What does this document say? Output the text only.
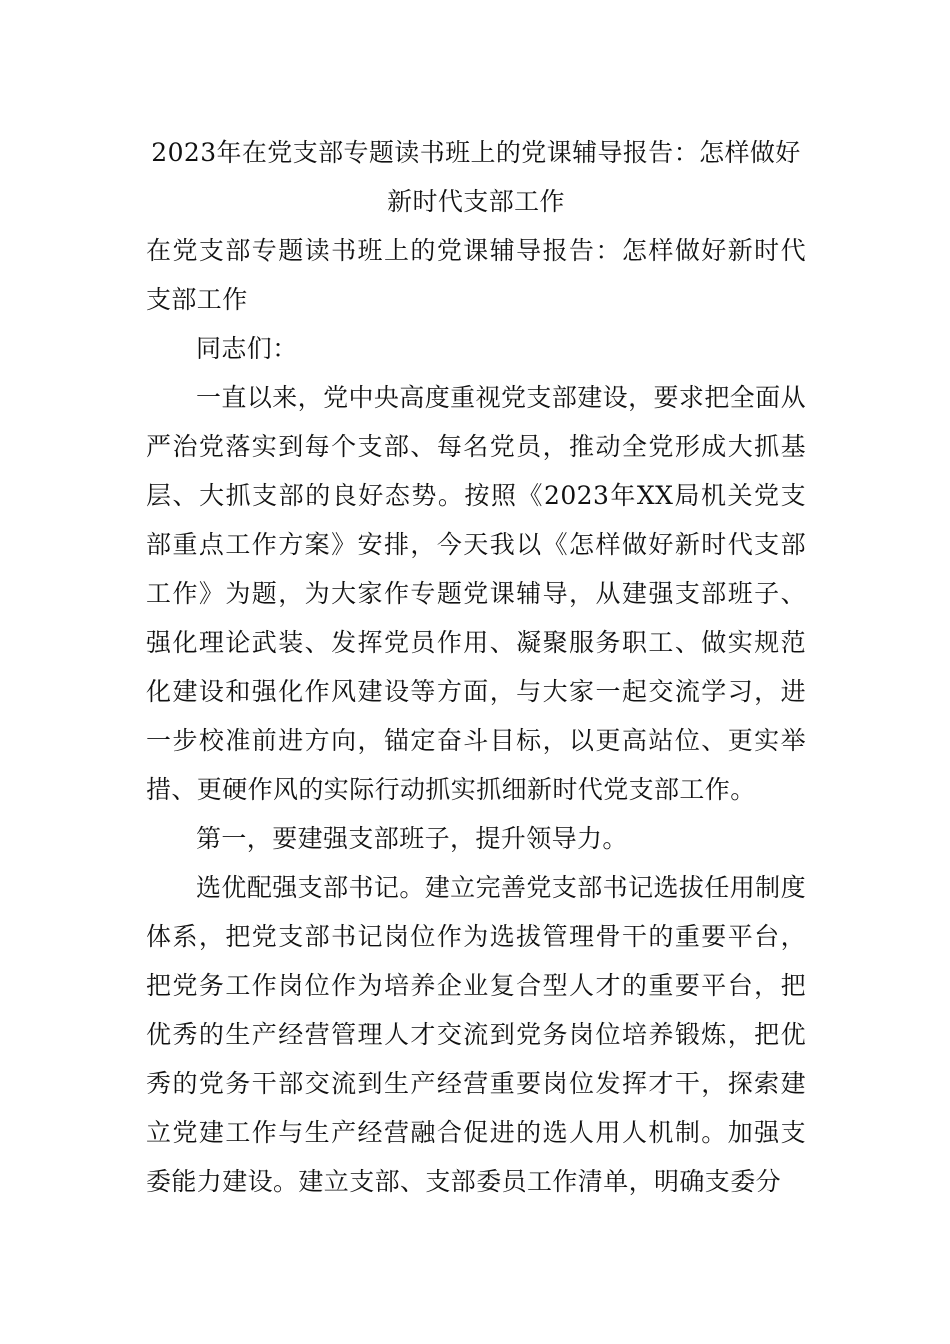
2023年在党支部专题读书班上的党课辅导报告：怎样做好新时代支部工作

在党支部专题读书班上的党课辅导报告：怎样做好新时代支部工作

同志们：

一直以来，党中央高度重视党支部建设，要求把全面从严治党落实到每个支部、每名党员，推动全党形成大抓基层、大抓支部的良好态势。按照《2023年XX局机关党支部重点工作方案》安排，今天我以《怎样做好新时代支部工作》为题，为大家作专题党课辅导，从建强支部班子、强化理论武装、发挥党员作用、凝聚服务职工、做实规范化建设和强化作风建设等方面，与大家一起交流学习，进一步校准前进方向，锚定奋斗目标，以更高站位、更实举措、更硬作风的实际行动抓实抓细新时代党支部工作。

第一，要建强支部班子，提升领导力。

选优配强支部书记。建立完善党支部书记选拔任用制度体系，把党支部书记岗位作为选拔管理骨干的重要平台，把党务工作岗位作为培养企业复合型人才的重要平台，把优秀的生产经营管理人才交流到党务岗位培养锻炼，把优秀的党务干部交流到生产经营重要岗位发挥才干，探索建立党建工作与生产经营融合促进的选人用人机制。加强支委能力建设。建立支部、支部委员工作清单，明确支委分
